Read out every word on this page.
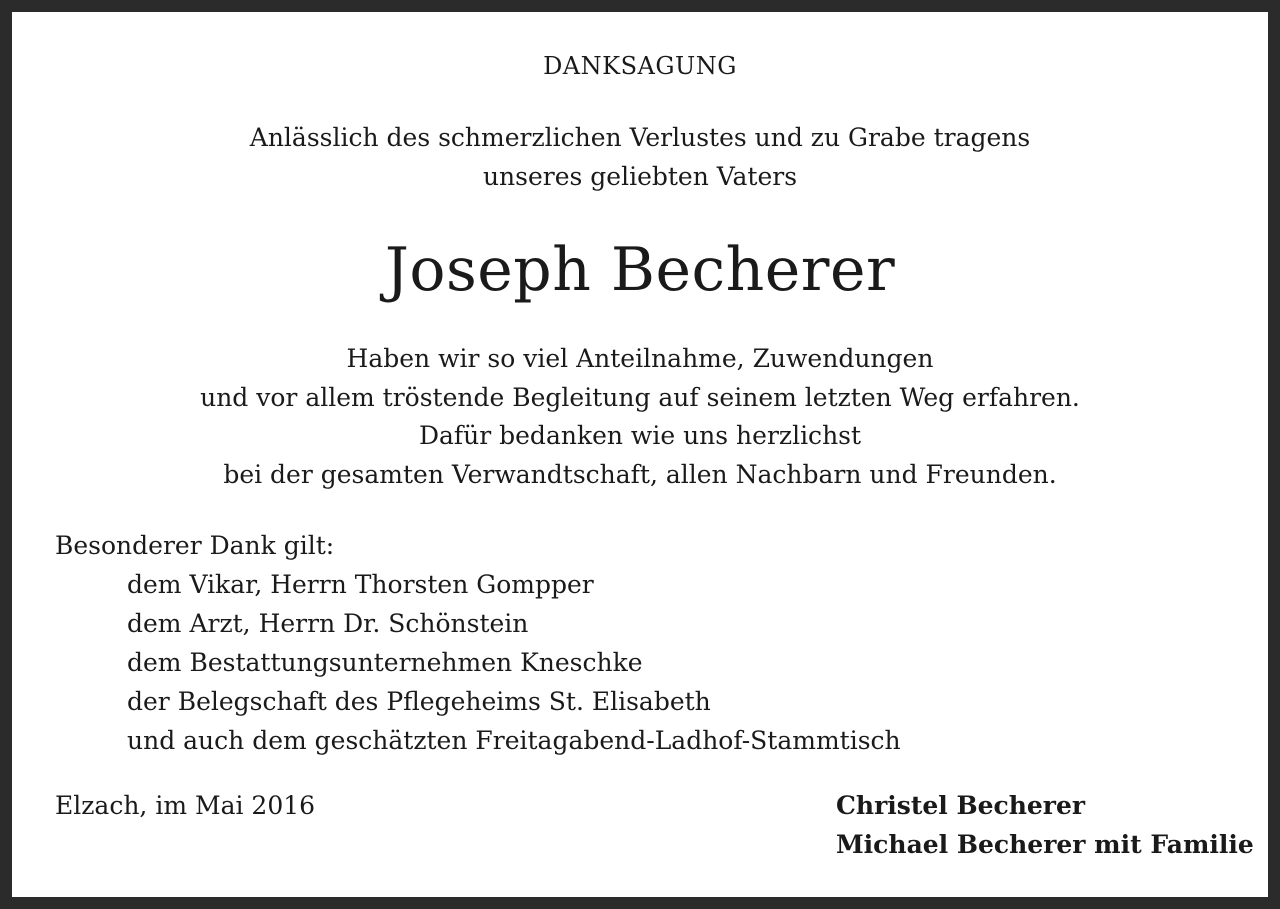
DANKSAGUNG
Anlässlich des schmerzlichen Verlustes und zu Grabe tragens
unseres geliebten Vaters
Joseph Becherer
Haben wir so viel Anteilnahme, Zuwendungen
und vor allem tröstende Begleitung auf seinem letzten Weg erfahren.
Dafür bedanken wie uns herzlichst
bei der gesamten Verwandtschaft, allen Nachbarn und Freunden.
Besonderer Dank gilt:
dem Vikar, Herrn Thorsten Gompper
dem Arzt, Herrn Dr. Schönstein
dem Bestattungsunternehmen Kneschke
der Belegschaft des Pflegeheims St. Elisabeth
und auch dem geschätzten Freitagabend-Ladhof-Stammtisch
Elzach, im Mai 2016	Christel Becherer
Michael Becherer mit Familie
